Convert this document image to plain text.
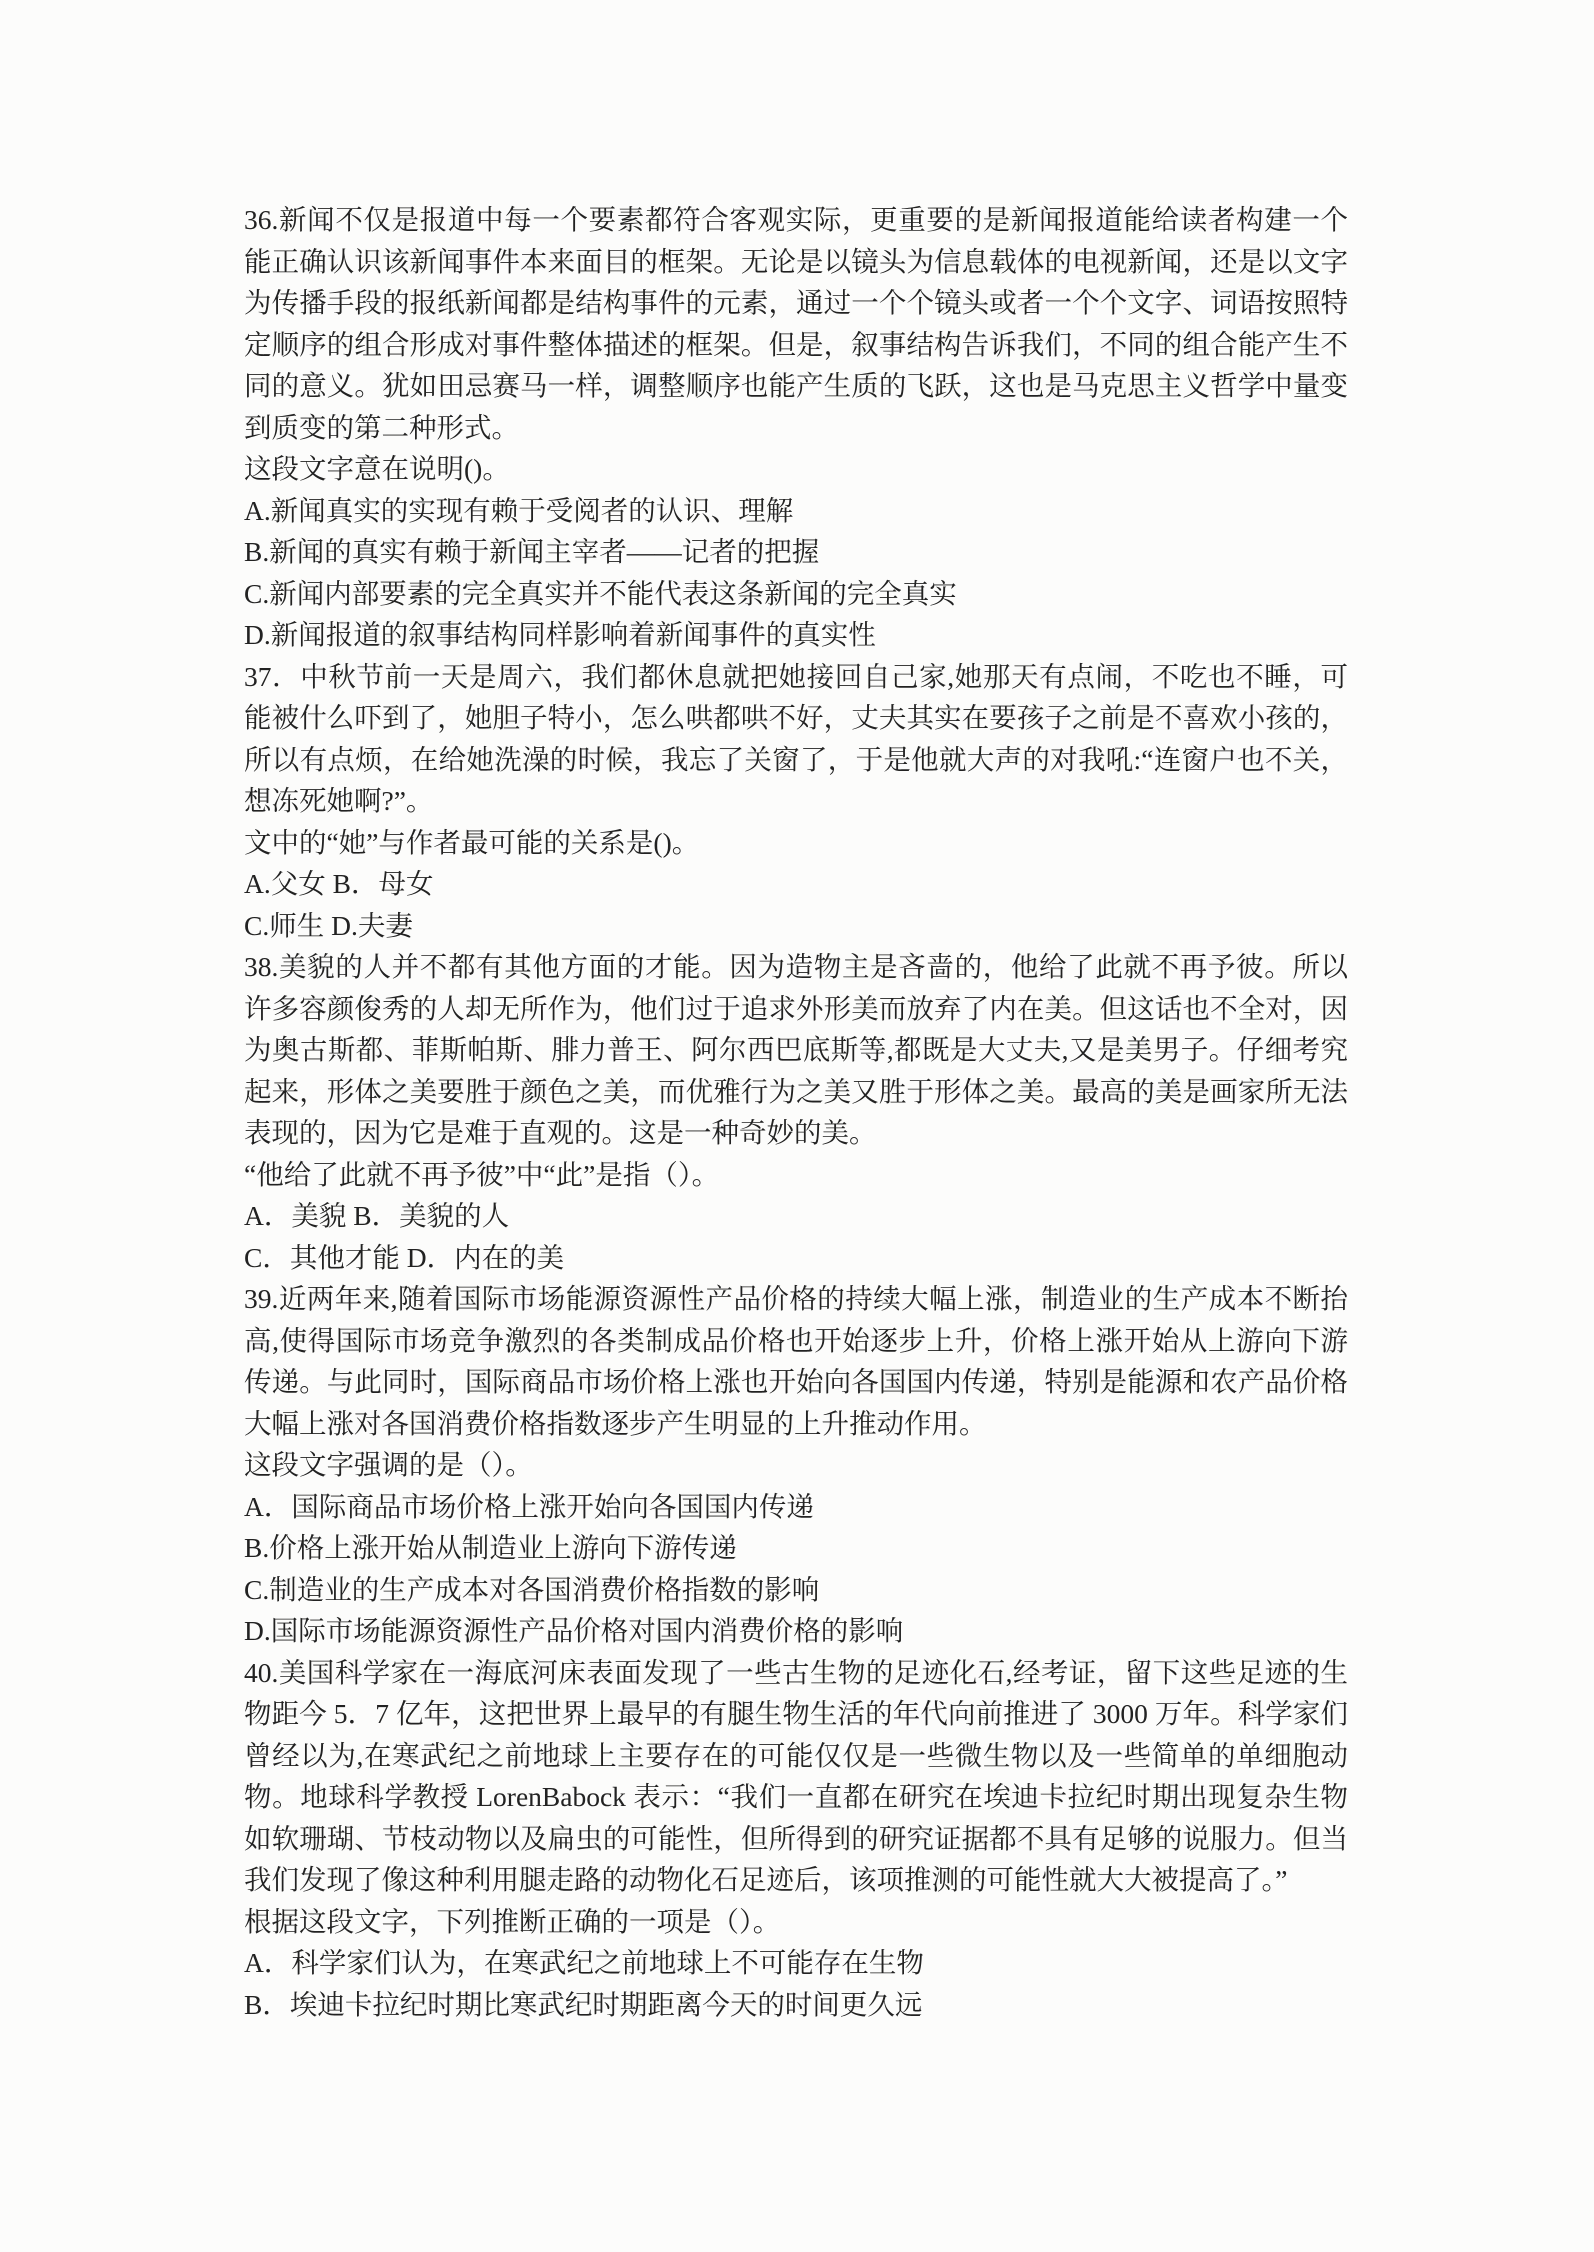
36.新闻不仅是报道中每一个要素都符合客观实际，更重要的是新闻报道能给读者构建一个能正确认识该新闻事件本来面目的框架。无论是以镜头为信息载体的电视新闻，还是以文字为传播手段的报纸新闻都是结构事件的元素，通过一个个镜头或者一个个文字、词语按照特定顺序的组合形成对事件整体描述的框架。但是，叙事结构告诉我们，不同的组合能产生不同的意义。犹如田忌赛马一样，调整顺序也能产生质的飞跃，这也是马克思主义哲学中量变到质变的第二种形式。

这段文字意在说明()。

A.新闻真实的实现有赖于受阅者的认识、理解

B.新闻的真实有赖于新闻主宰者——记者的把握

C.新闻内部要素的完全真实并不能代表这条新闻的完全真实

D.新闻报道的叙事结构同样影响着新闻事件的真实性

37．中秋节前一天是周六，我们都休息就把她接回自己家,她那天有点闹，不吃也不睡，可能被什么吓到了，她胆子特小，怎么哄都哄不好，丈夫其实在要孩子之前是不喜欢小孩的，所以有点烦，在给她洗澡的时候，我忘了关窗了，于是他就大声的对我吼:“连窗户也不关，想冻死她啊?”。

文中的“她”与作者最可能的关系是()。

A.父女 B．母女

C.师生 D.夫妻

38.美貌的人并不都有其他方面的才能。因为造物主是吝啬的，他给了此就不再予彼。所以许多容颜俊秀的人却无所作为，他们过于追求外形美而放弃了内在美。但这话也不全对，因为奥古斯都、菲斯帕斯、腓力普王、阿尔西巴底斯等,都既是大丈夫,又是美男子。仔细考究起来，形体之美要胜于颜色之美，而优雅行为之美又胜于形体之美。最高的美是画家所无法表现的，因为它是难于直观的。这是一种奇妙的美。

“他给了此就不再予彼”中“此”是指（）。

A．美貌 B．美貌的人

C．其他才能 D．内在的美

39.近两年来,随着国际市场能源资源性产品价格的持续大幅上涨，制造业的生产成本不断抬高,使得国际市场竞争激烈的各类制成品价格也开始逐步上升，价格上涨开始从上游向下游传递。与此同时，国际商品市场价格上涨也开始向各国国内传递，特别是能源和农产品价格大幅上涨对各国消费价格指数逐步产生明显的上升推动作用。

这段文字强调的是（）。

A．国际商品市场价格上涨开始向各国国内传递

B.价格上涨开始从制造业上游向下游传递

C.制造业的生产成本对各国消费价格指数的影响

D.国际市场能源资源性产品价格对国内消费价格的影响

40.美国科学家在一海底河床表面发现了一些古生物的足迹化石,经考证，留下这些足迹的生物距今 5．7 亿年，这把世界上最早的有腿生物生活的年代向前推进了 3000 万年。科学家们曾经以为,在寒武纪之前地球上主要存在的可能仅仅是一些微生物以及一些简单的单细胞动物。地球科学教授 LorenBabock 表示：“我们一直都在研究在埃迪卡拉纪时期出现复杂生物如软珊瑚、节枝动物以及扁虫的可能性，但所得到的研究证据都不具有足够的说服力。但当我们发现了像这种利用腿走路的动物化石足迹后，该项推测的可能性就大大被提高了。”

根据这段文字，下列推断正确的一项是（）。

A．科学家们认为，在寒武纪之前地球上不可能存在生物

B．埃迪卡拉纪时期比寒武纪时期距离今天的时间更久远
